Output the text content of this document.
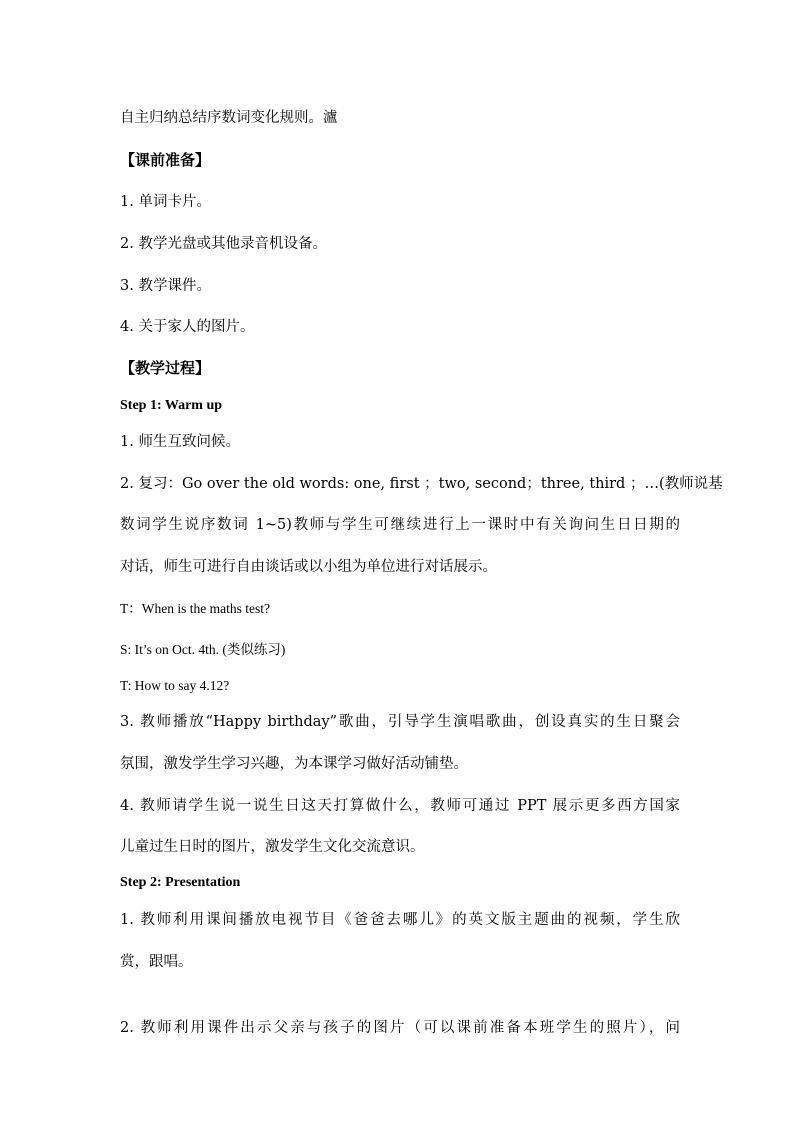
自主归纳总结序数词变化规则。瀘
【课前准备】
1. 单词卡片。
2. 教学光盘或其他录音机设备。
3. 教学课件。
4. 关于家人的图片。
【教学过程】
Step 1: Warm up
1. 师生互致问候。
2. 复习：Go over the old words: one, first ；two, second；three, third ；…(教师说基
数词学生说序数词 1~5)教师与学生可继续进行上一课时中有关询问生日日期的
对话，师生可进行自由谈话或以小组为单位进行对话展示。
T：When is the maths test?
S: It’s on Oct. 4th. (类似练习)
T: How to say 4.12?
3. 教师播放“Happy birthday”歌曲，引导学生演唱歌曲，创设真实的生日聚会
氛围，激发学生学习兴趣，为本课学习做好活动铺垫。
4. 教师请学生说一说生日这天打算做什么，教师可通过 PPT 展示更多西方国家
儿童过生日时的图片，激发学生文化交流意识。
Step 2: Presentation
1. 教师利用课间播放电视节目《爸爸去哪儿》的英文版主题曲的视频，学生欣
赏，跟唱。
2. 教师利用课件出示父亲与孩子的图片（可以课前准备本班学生的照片），问
